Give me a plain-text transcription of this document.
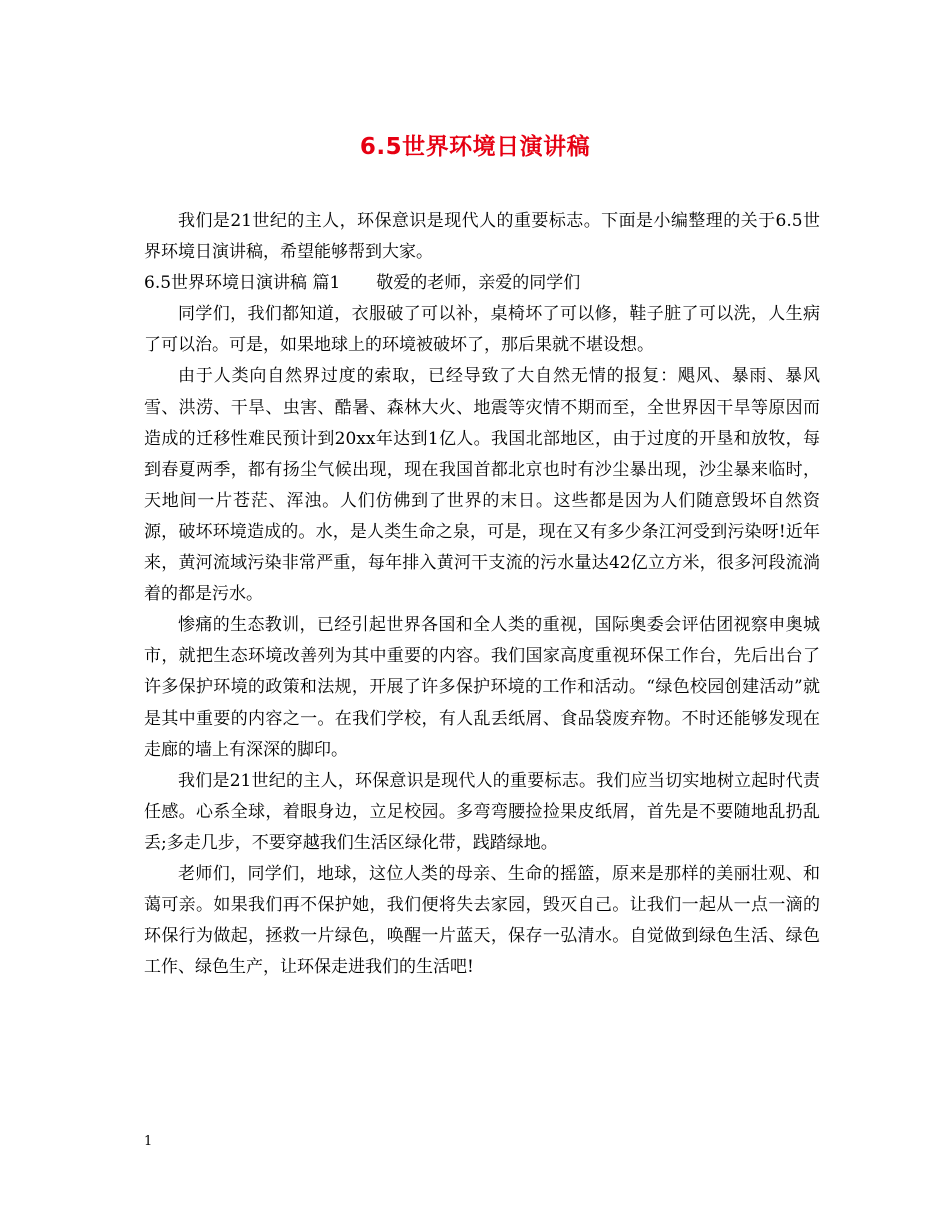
6.5世界环境日演讲稿

我们是21世纪的主人，环保意识是现代人的重要标志。下面是小编整理的关于6.5世界环境日演讲稿，希望能够帮到大家。

6.5世界环境日演讲稿 篇1 敬爱的老师，亲爱的同学们

同学们，我们都知道，衣服破了可以补，桌椅坏了可以修，鞋子脏了可以洗，人生病了可以治。可是，如果地球上的环境被破坏了，那后果就不堪设想。

由于人类向自然界过度的索取，已经导致了大自然无情的报复：飓风、暴雨、暴风雪、洪涝、干旱、虫害、酷暑、森林大火、地震等灾情不期而至，全世界因干旱等原因而造成的迁移性难民预计到20xx年达到1亿人。我国北部地区，由于过度的开垦和放牧，每到春夏两季，都有扬尘气候出现，现在我国首都北京也时有沙尘暴出现，沙尘暴来临时，天地间一片苍茫、浑浊。人们仿佛到了世界的末日。这些都是因为人们随意毁坏自然资源，破坏环境造成的。水，是人类生命之泉，可是，现在又有多少条江河受到污染呀!近年来，黄河流域污染非常严重，每年排入黄河干支流的污水量达42亿立方米，很多河段流淌着的都是污水。

惨痛的生态教训，已经引起世界各国和全人类的重视，国际奥委会评估团视察申奥城市，就把生态环境改善列为其中重要的内容。我们国家高度重视环保工作台，先后出台了许多保护环境的政策和法规，开展了许多保护环境的工作和活动。“绿色校园创建活动”就是其中重要的内容之一。在我们学校，有人乱丢纸屑、食品袋废弃物。不时还能够发现在走廊的墙上有深深的脚印。

我们是21世纪的主人，环保意识是现代人的重要标志。我们应当切实地树立起时代责任感。心系全球，着眼身边，立足校园。多弯弯腰捡捡果皮纸屑，首先是不要随地乱扔乱丢;多走几步，不要穿越我们生活区绿化带，践踏绿地。

老师们，同学们，地球，这位人类的母亲、生命的摇篮，原来是那样的美丽壮观、和蔼可亲。如果我们再不保护她，我们便将失去家园，毁灭自己。让我们一起从一点一滴的环保行为做起，拯救一片绿色，唤醒一片蓝天，保存一弘清水。自觉做到绿色生活、绿色工作、绿色生产，让环保走进我们的生活吧!

1
